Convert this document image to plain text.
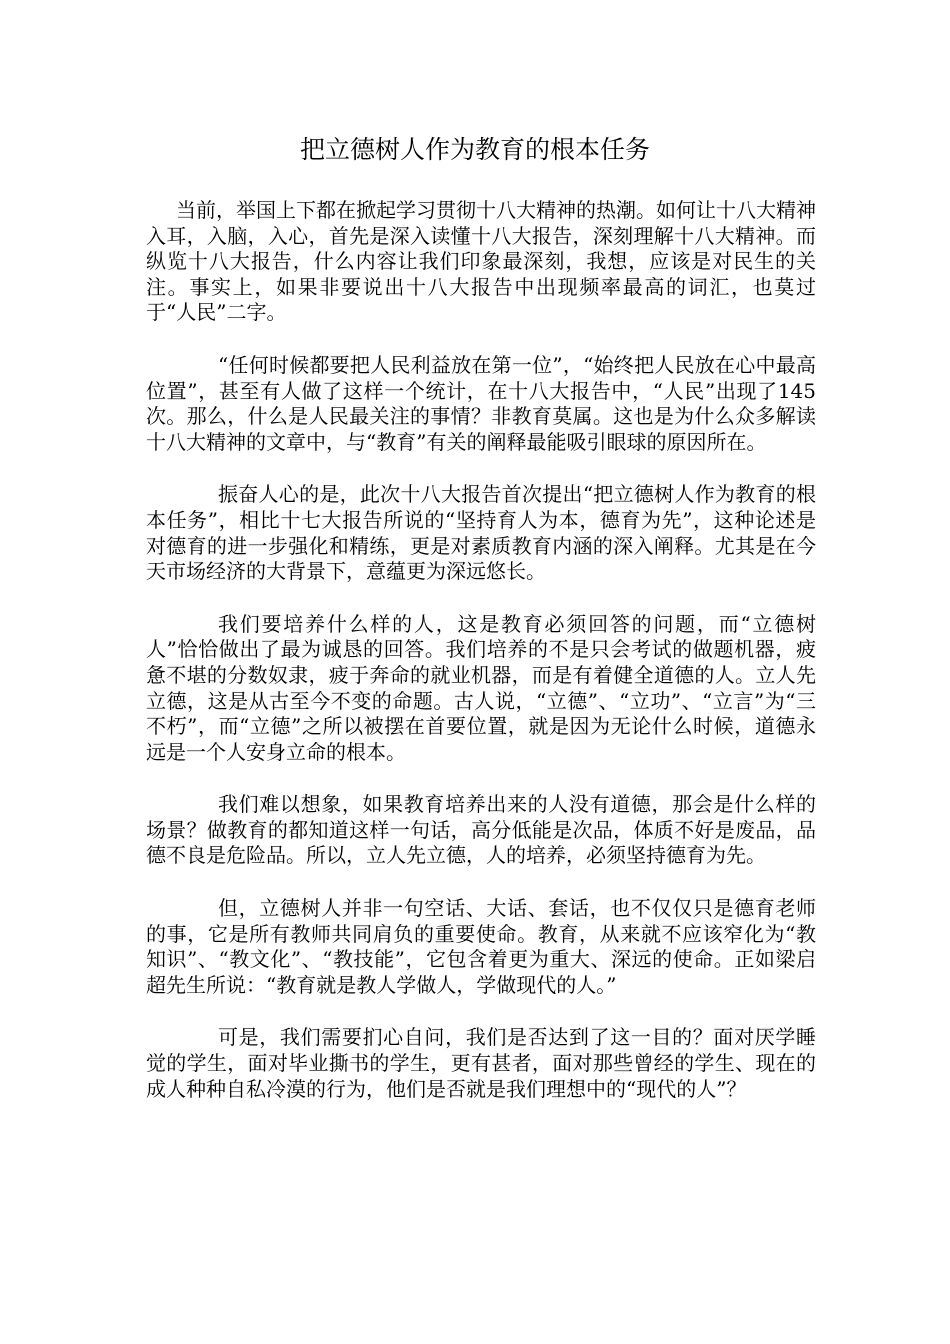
把立德树人作为教育的根本任务

当前，举国上下都在掀起学习贯彻十八大精神的热潮。如何让十八大精神入耳，入脑，入心，首先是深入读懂十八大报告，深刻理解十八大精神。而纵览十八大报告，什么内容让我们印象最深刻，我想，应该是对民生的关注。事实上，如果非要说出十八大报告中出现频率最高的词汇，也莫过于“人民”二字。

“任何时候都要把人民利益放在第一位”，“始终把人民放在心中最高位置”，甚至有人做了这样一个统计，在十八大报告中，“人民”出现了145次。那么，什么是人民最关注的事情？非教育莫属。这也是为什么众多解读十八大精神的文章中，与“教育”有关的阐释最能吸引眼球的原因所在。

振奋人心的是，此次十八大报告首次提出“把立德树人作为教育的根本任务”，相比十七大报告所说的“坚持育人为本，德育为先”，这种论述是对德育的进一步强化和精练，更是对素质教育内涵的深入阐释。尤其是在今天市场经济的大背景下，意蕴更为深远悠长。

我们要培养什么样的人，这是教育必须回答的问题，而“立德树人”恰恰做出了最为诚恳的回答。我们培养的不是只会考试的做题机器，疲惫不堪的分数奴隶，疲于奔命的就业机器，而是有着健全道德的人。立人先立德，这是从古至今不变的命题。古人说，“立德”、“立功”、“立言”为“三不朽”，而“立德”之所以被摆在首要位置，就是因为无论什么时候，道德永远是一个人安身立命的根本。

我们难以想象，如果教育培养出来的人没有道德，那会是什么样的场景？做教育的都知道这样一句话，高分低能是次品，体质不好是废品，品德不良是危险品。所以，立人先立德，人的培养，必须坚持德育为先。

但，立德树人并非一句空话、大话、套话，也不仅仅只是德育老师的事，它是所有教师共同肩负的重要使命。教育，从来就不应该窄化为“教知识”、“教文化”、“教技能”，它包含着更为重大、深远的使命。正如梁启超先生所说：“教育就是教人学做人，学做现代的人。”

可是，我们需要扪心自问，我们是否达到了这一目的？面对厌学睡觉的学生，面对毕业撕书的学生，更有甚者，面对那些曾经的学生、现在的成人种种自私冷漠的行为，他们是否就是我们理想中的“现代的人”？
